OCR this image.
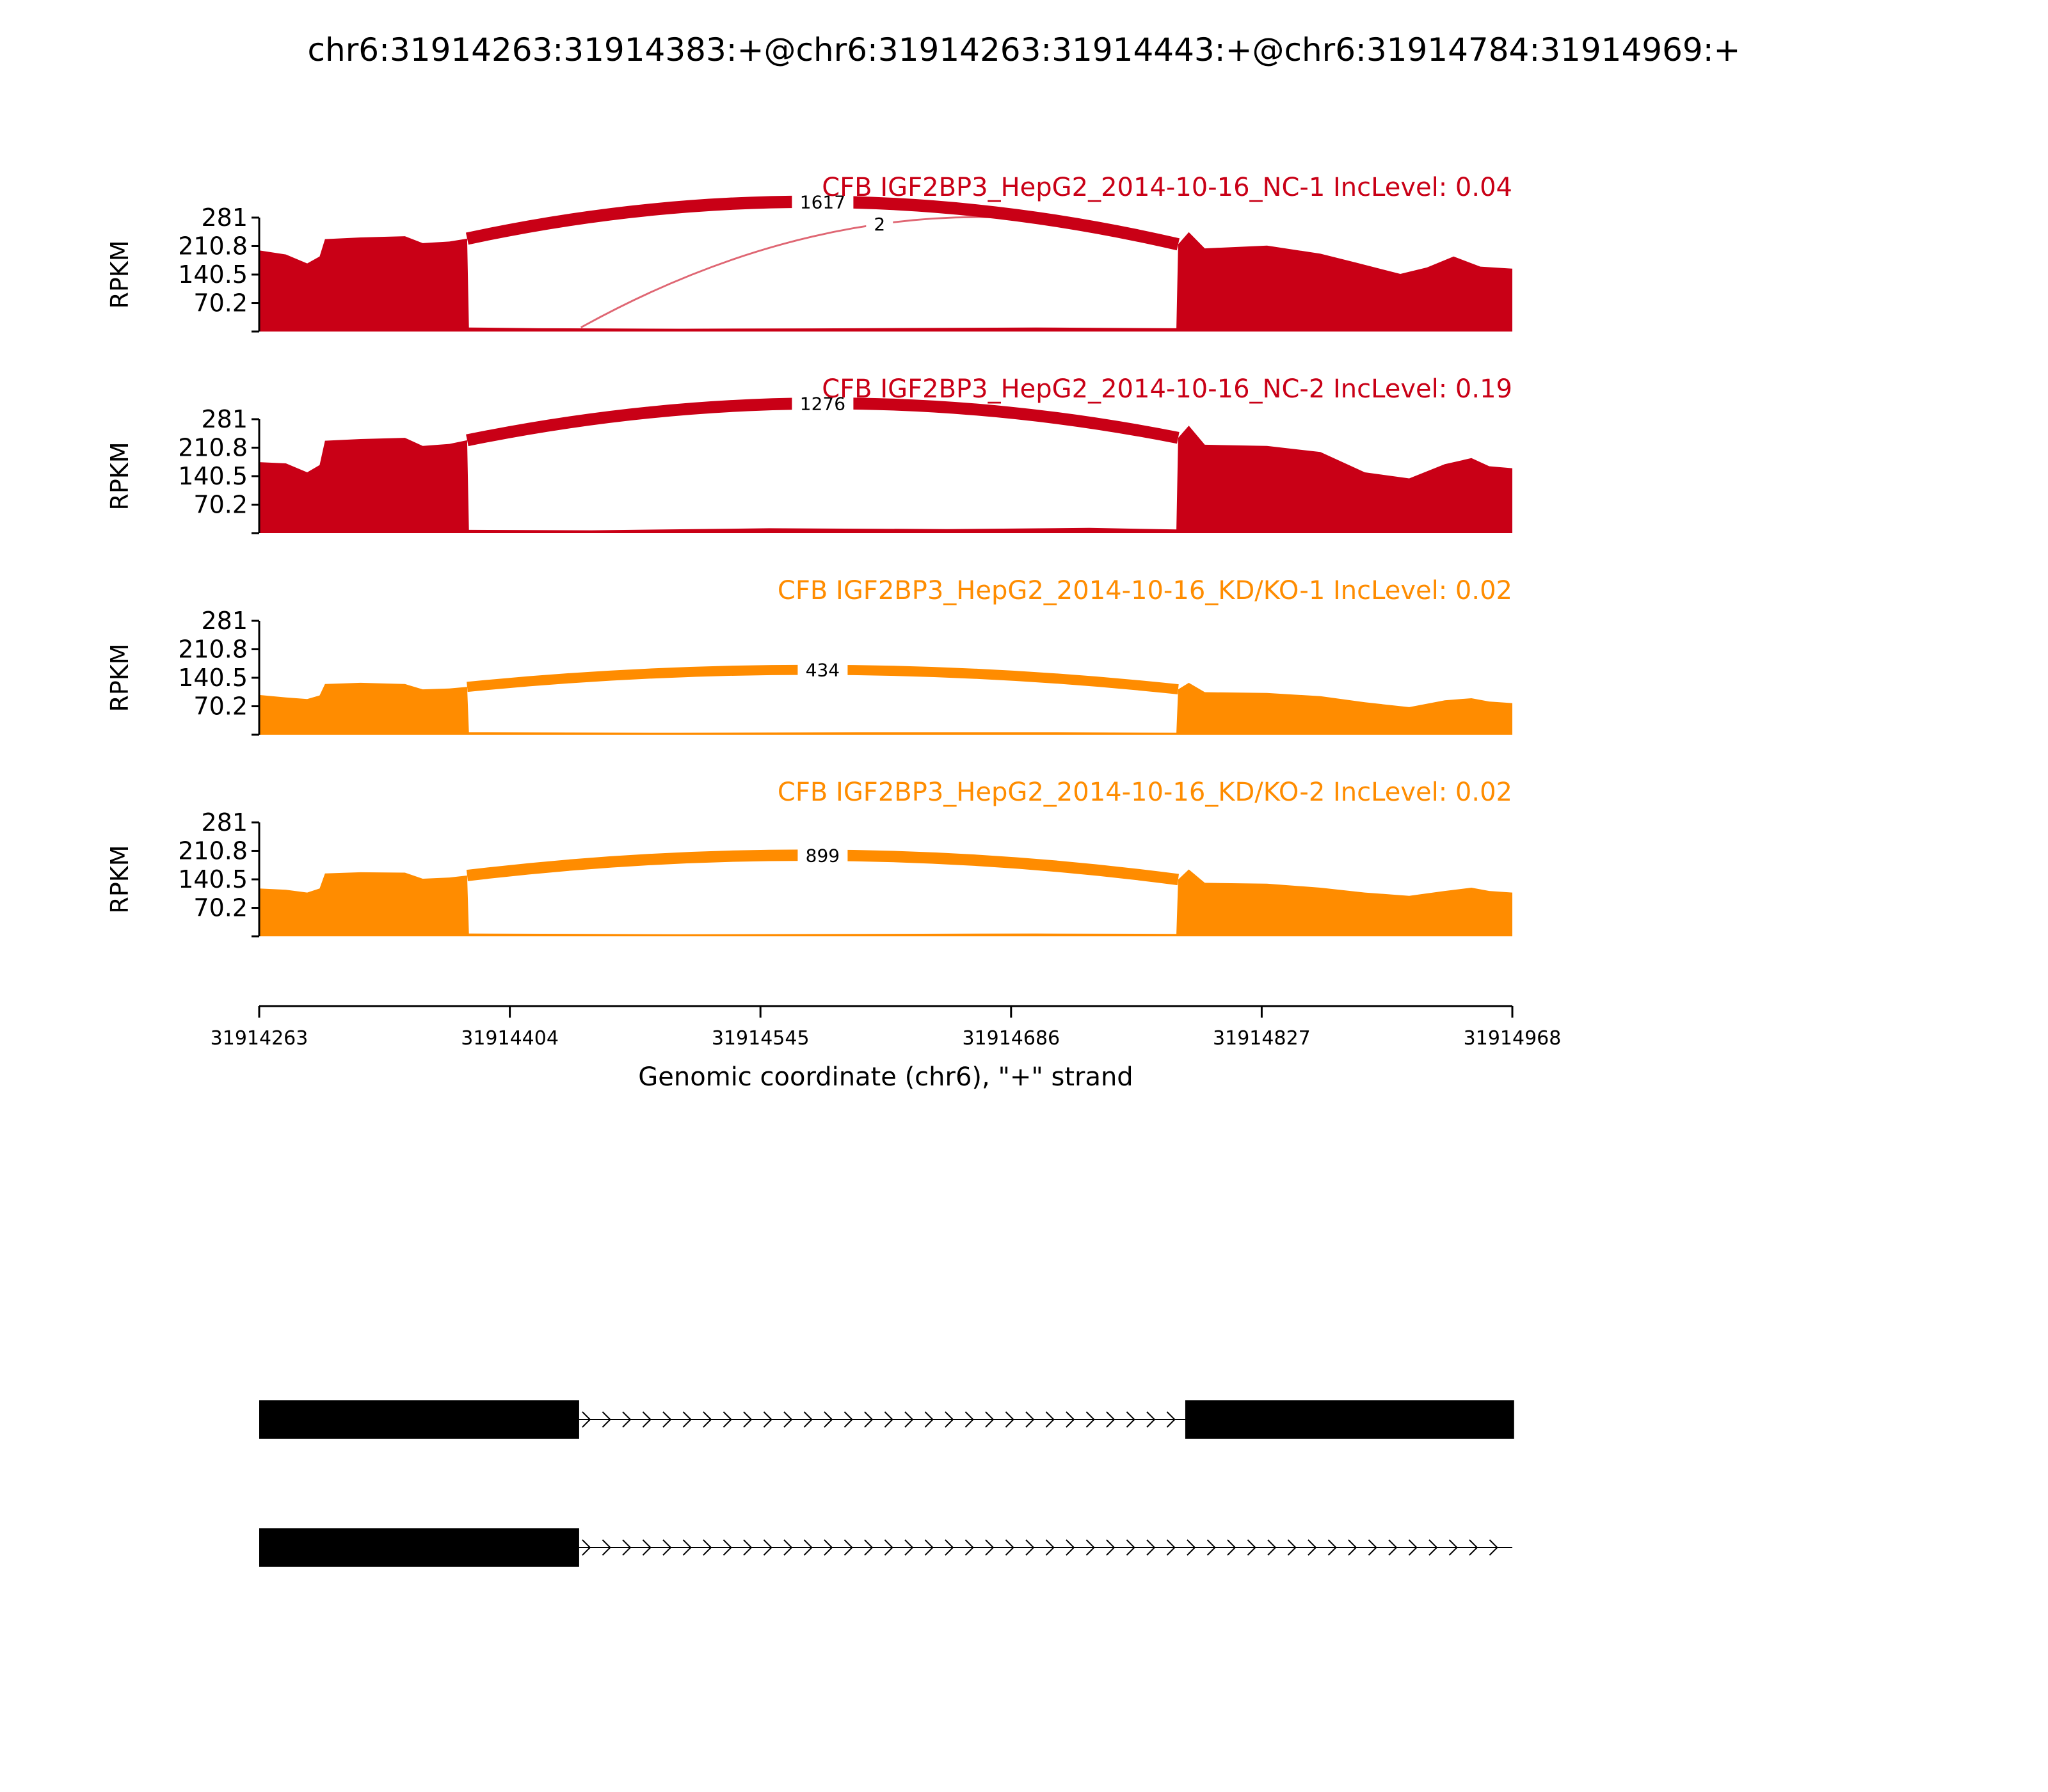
chr6:31914263:31914383:+@chr6:31914263:31914443:+@chr6:31914784:31914969:+
281
210.8
140.5
70.2
RPKM
1617
2
CFB IGF2BP3_HepG2_2014-10-16_NC-1 IncLevel: 0.04
281
210.8
140.5
70.2
RPKM
1276
CFB IGF2BP3_HepG2_2014-10-16_NC-2 IncLevel: 0.19
281
210.8
140.5
70.2
RPKM	434
CFB IGF2BP3_HepG2_2014-10-16_KD/KO-1 IncLevel: 0.02
281
210.8
140.5
70.2
RPKM	899
CFB IGF2BP3_HepG2_2014-10-16_KD/KO-2 IncLevel: 0.02
31914263	31914404	31914545	31914686	31914827	31914968
Genomic coordinate (chr6), "+" strand
